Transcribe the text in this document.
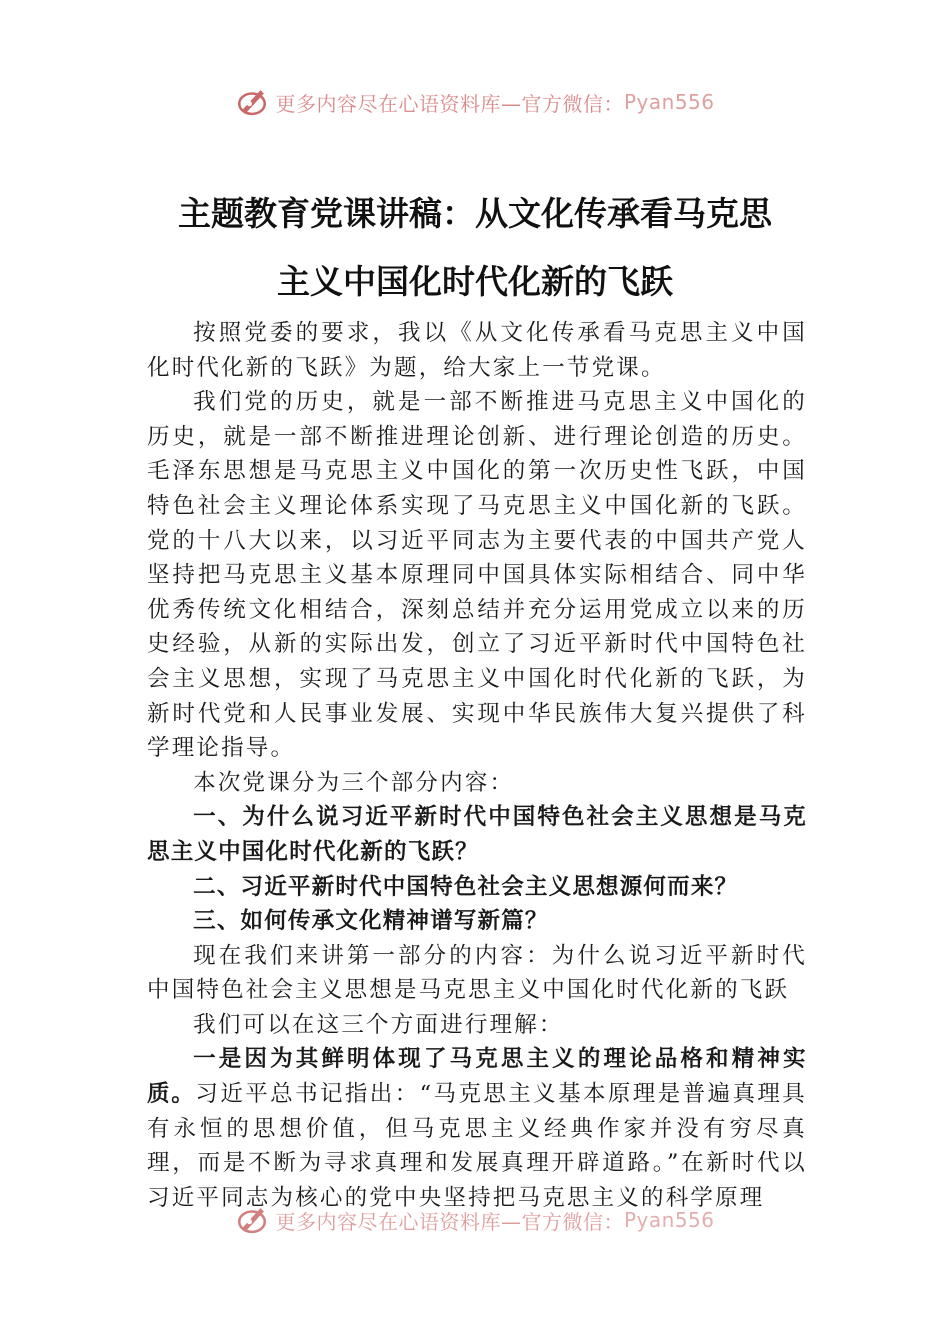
更多内容尽在心语资料库—官方微信： Pyan556
主题教育党课讲稿：从文化传承看马克思
主义中国化时代化新的飞跃

按照党委的要求，我以《从文化传承看马克思主义中国化时代化新的飞跃》为题，给大家上一节党课。

我们党的历史，就是一部不断推进马克思主义中国化的历史，就是一部不断推进理论创新、进行理论创造的历史。毛泽东思想是马克思主义中国化的第一次历史性飞跃，中国特色社会主义理论体系实现了马克思主义中国化新的飞跃。党的十八大以来，以习近平同志为主要代表的中国共产党人坚持把马克思主义基本原理同中国具体实际相结合、同中华优秀传统文化相结合，深刻总结并充分运用党成立以来的历史经验，从新的实际出发，创立了习近平新时代中国特色社会主义思想，实现了马克思主义中国化时代化新的飞跃，为新时代党和人民事业发展、实现中华民族伟大复兴提供了科学理论指导。

本次党课分为三个部分内容：

一、为什么说习近平新时代中国特色社会主义思想是马克思主义中国化时代化新的飞跃？

二、习近平新时代中国特色社会主义思想源何而来？

三、如何传承文化精神谱写新篇？

现在我们来讲第一部分的内容：为什么说习近平新时代中国特色社会主义思想是马克思主义中国化时代化新的飞跃

我们可以在这三个方面进行理解：

一是因为其鲜明体现了马克思主义的理论品格和精神实质。习近平总书记指出：“马克思主义基本原理是普遍真理具有永恒的思想价值，但马克思主义经典作家并没有穷尽真理，而是不断为寻求真理和发展真理开辟道路。”在新时代以习近平同志为核心的党中央坚持把马克思主义的科学原理

更多内容尽在心语资料库—官方微信： Pyan556
